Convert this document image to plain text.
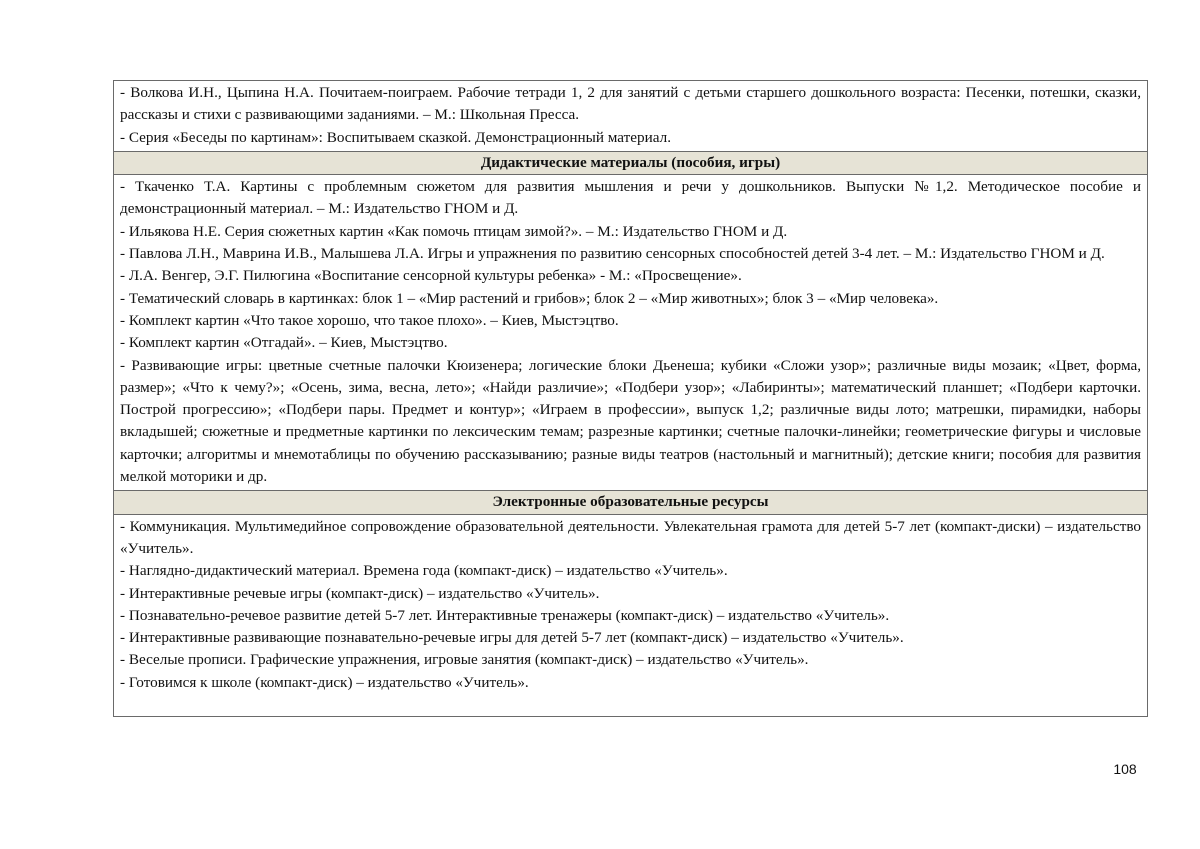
- Волкова И.Н., Цыпина Н.А. Почитаем-поиграем. Рабочие тетради 1, 2 для занятий с детьми старшего дошкольного возраста: Песенки, потешки, сказки, рассказы и стихи с развивающими заданиями. – М.: Школьная Пресса.
- Серия «Беседы по картинам»: Воспитываем сказкой. Демонстрационный материал.

Дидактические материалы (пособия, игры)

- Ткаченко Т.А. Картины с проблемным сюжетом для развития мышления и речи у дошкольников. Выпуски №1,2. Методическое пособие и демонстрационный материал. – М.: Издательство ГНОМ и Д.
- Ильякова Н.Е. Серия сюжетных картин «Как помочь птицам зимой?». – М.: Издательство ГНОМ и Д.
- Павлова Л.Н., Маврина И.В., Малышева Л.А. Игры и упражнения по развитию сенсорных способностей детей 3-4 лет. – М.: Издательство ГНОМ и Д.
- Л.А. Венгер, Э.Г. Пилюгина «Воспитание сенсорной культуры ребенка» - М.: «Просвещение».
- Тематический словарь в картинках: блок 1 – «Мир растений и грибов»; блок 2 – «Мир животных»; блок 3 – «Мир человека».
- Комплект картин «Что такое хорошо, что такое плохо». – Киев, Мыстэцтво.
- Комплект картин «Отгадай». – Киев, Мыстэцтво.
- Развивающие игры: цветные счетные палочки Кюизенера; логические блоки Дьенеша; кубики «Сложи узор»; различные виды мозаик; «Цвет, форма, размер»; «Что к чему?»; «Осень, зима, весна, лето»; «Найди различие»; «Подбери узор»; «Лабиринты»; математический планшет; «Подбери карточки. Построй прогрессию»; «Подбери пары. Предмет и контур»; «Играем в профессии», выпуск 1,2; различные виды лото; матрешки, пирамидки, наборы вкладышей; сюжетные и предметные картинки по лексическим темам; разрезные картинки; счетные палочки-линейки; геометрические фигуры и числовые карточки; алгоритмы и мнемотаблицы по обучению рассказыванию; разные виды театров (настольный и магнитный); детские книги; пособия для развития мелкой моторики и др.

Электронные образовательные ресурсы

- Коммуникация. Мультимедийное сопровождение образовательной деятельности. Увлекательная грамота для детей 5-7 лет (компакт-диски) – издательство «Учитель».
- Наглядно-дидактический материал. Времена года (компакт-диск) – издательство «Учитель».
- Интерактивные речевые игры (компакт-диск) – издательство «Учитель».
- Познавательно-речевое развитие детей 5-7 лет. Интерактивные тренажеры (компакт-диск) – издательство «Учитель».
- Интерактивные развивающие познавательно-речевые игры для детей 5-7 лет (компакт-диск) – издательство «Учитель».
- Веселые прописи. Графические упражнения, игровые занятия (компакт-диск) – издательство «Учитель».
- Готовимся к школе (компакт-диск) – издательство «Учитель».
108
